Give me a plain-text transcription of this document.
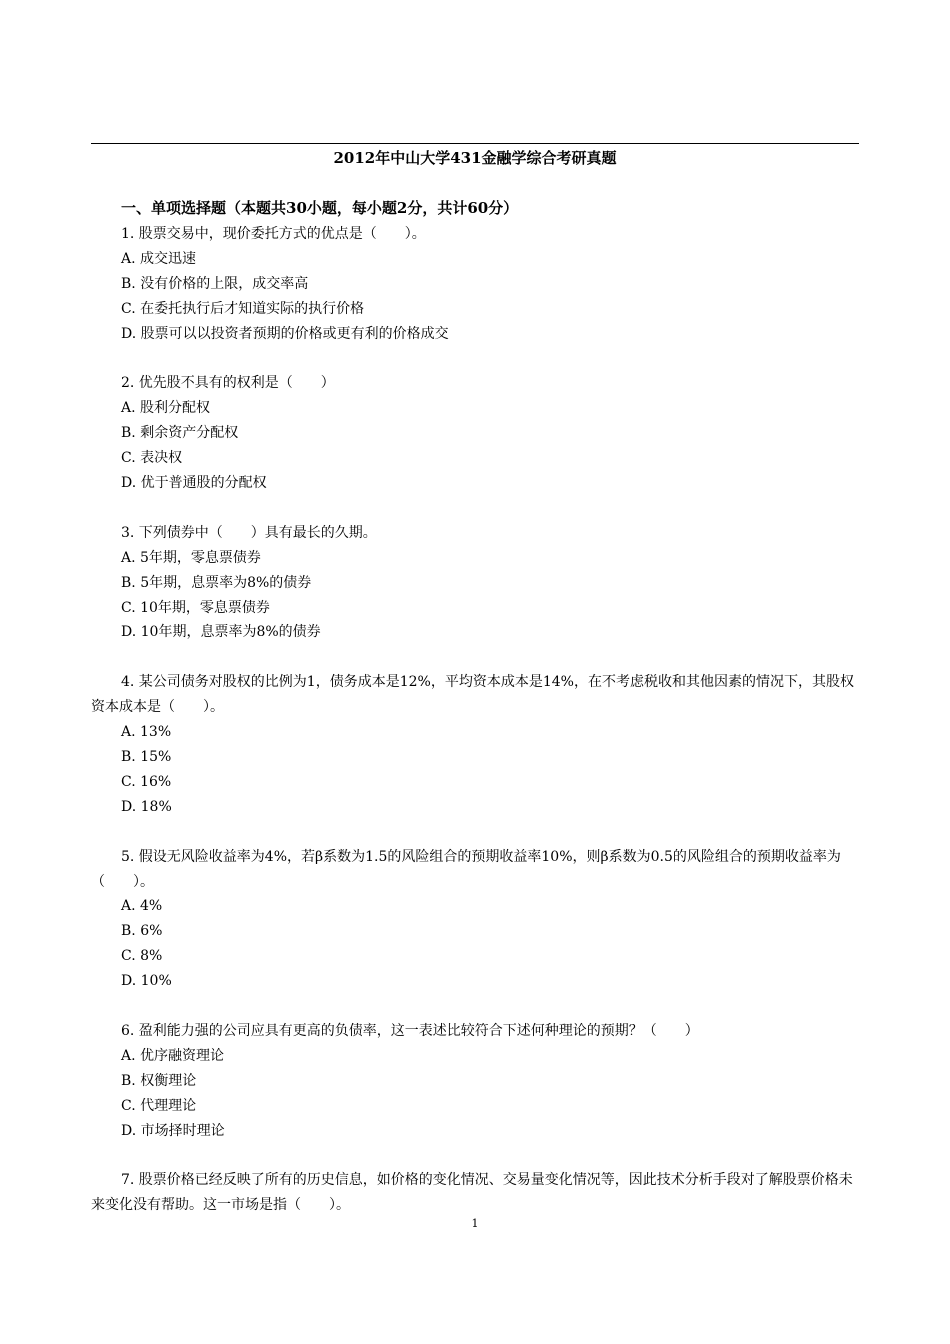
2012年中山大学431金融学综合考研真题
一、单项选择题（本题共30小题，每小题2分，共计60分）
1. 股票交易中，现价委托方式的优点是（　　）。
A. 成交迅速
B. 没有价格的上限，成交率高
C. 在委托执行后才知道实际的执行价格
D. 股票可以以投资者预期的价格或更有利的价格成交
2. 优先股不具有的权利是（　　）
A. 股利分配权
B. 剩余资产分配权
C. 表决权
D. 优于普通股的分配权
3. 下列债券中（　　）具有最长的久期。
A. 5年期，零息票债券
B. 5年期，息票率为8%的债券
C. 10年期，零息票债券
D. 10年期，息票率为8%的债券
4. 某公司债务对股权的比例为1，债务成本是12%，平均资本成本是14%，在不考虑税收和其他因素的情况下，其股权资本成本是（　　）。
A. 13%
B. 15%
C. 16%
D. 18%
5. 假设无风险收益率为4%，若β系数为1.5的风险组合的预期收益率10%，则β系数为0.5的风险组合的预期收益率为（　　）。
A. 4%
B. 6%
C. 8%
D. 10%
6. 盈利能力强的公司应具有更高的负债率，这一表述比较符合下述何种理论的预期？（　　）
A. 优序融资理论
B. 权衡理论
C. 代理理论
D. 市场择时理论
7. 股票价格已经反映了所有的历史信息，如价格的变化情况、交易量变化情况等，因此技术分析手段对了解股票价格未来变化没有帮助。这一市场是指（　　）。
1
